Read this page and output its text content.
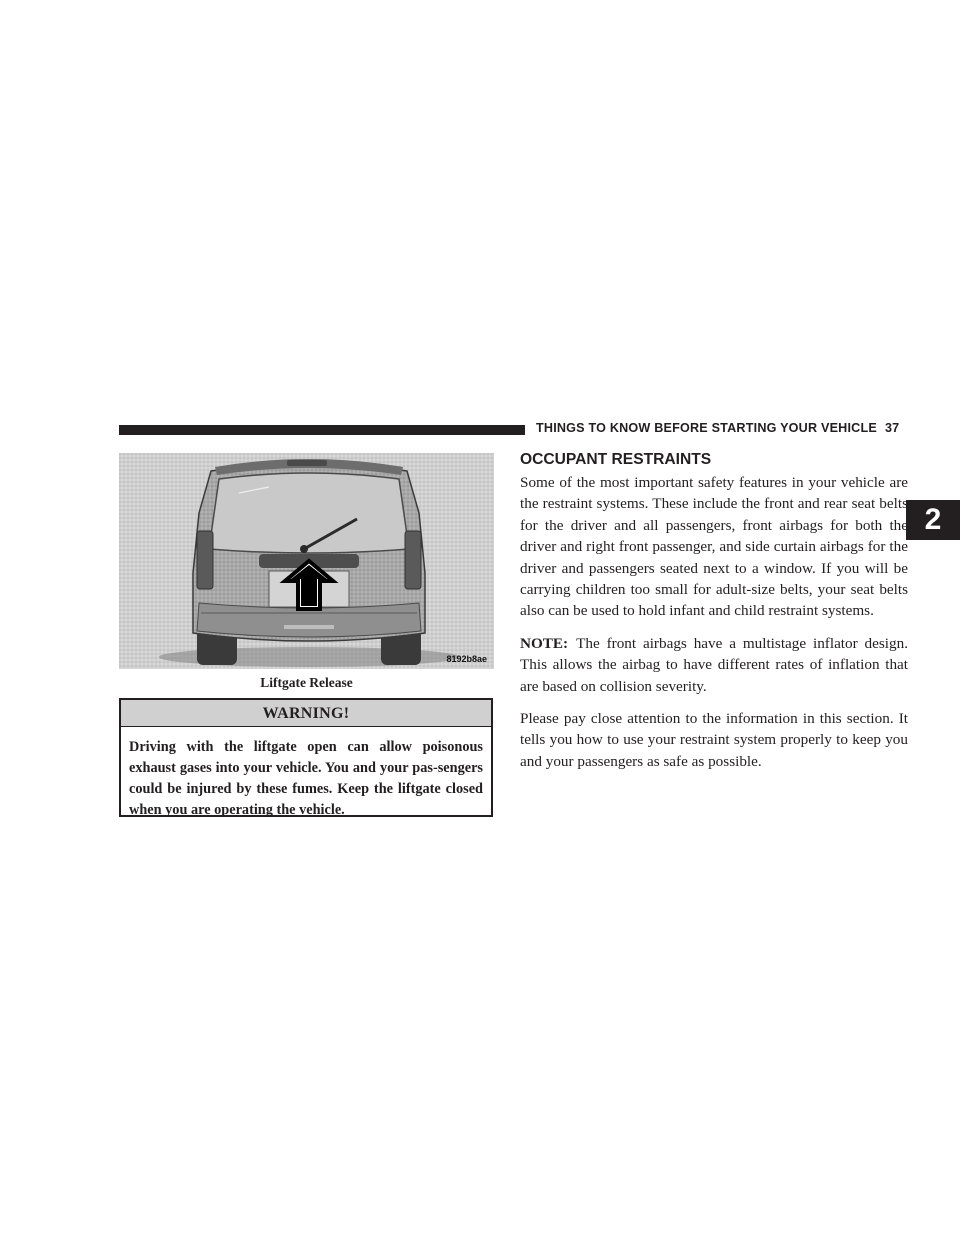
THINGS TO KNOW BEFORE STARTING YOUR VEHICLE 37
2
8192b8ae
Liftgate Release
WARNING!
Driving with the liftgate open can allow poisonous exhaust gases into your vehicle. You and your pas-sengers could be injured by these fumes. Keep the liftgate closed when you are operating the vehicle.
OCCUPANT RESTRAINTS

Some of the most important safety features in your vehicle are the restraint systems. These include the front and rear seat belts for the driver and all passengers, front airbags for both the driver and right front passenger, and side curtain airbags for the driver and passengers seated next to a window. If you will be carrying children too small for adult-size belts, your seat belts also can be used to hold infant and child restraint systems.

NOTE: The front airbags have a multistage inflator design. This allows the airbag to have different rates of inflation that are based on collision severity.

Please pay close attention to the information in this section. It tells you how to use your restraint system properly to keep you and your passengers as safe as possible.
